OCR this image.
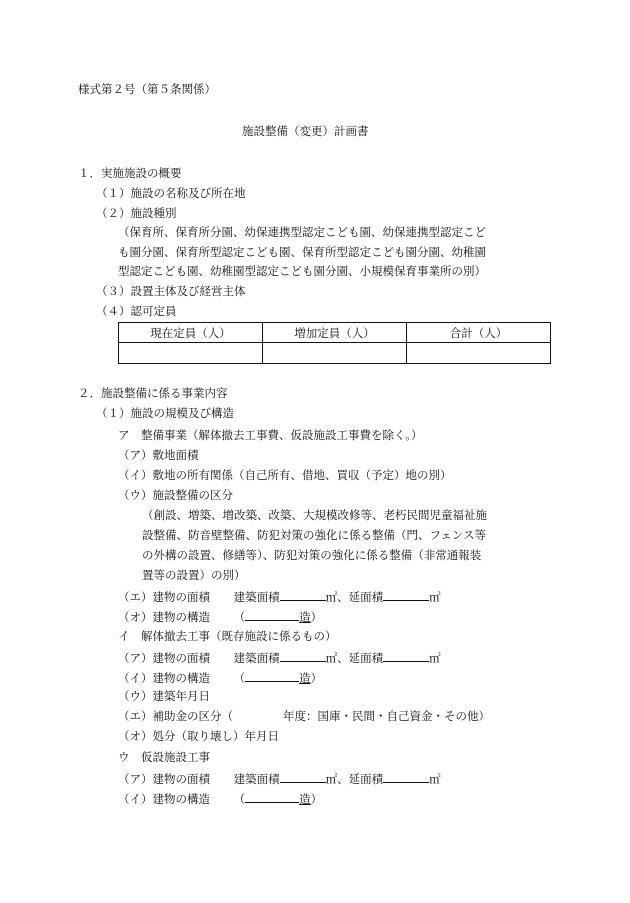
様式第２号（第５条関係）
施設整備（変更）計画書
１．実施施設の概要
（１）施設の名称及び所在地
（２）施設種別
（保育所、保育所分園、幼保連携型認定こども園、幼保連携型認定こど
も園分園、保育所型認定こども園、保育所型認定こども園分園、幼稚園
型認定こども園、幼稚園型認定こども園分園、小規模保育事業所の別）
（３）設置主体及び経営主体
（４）認可定員
現在定員（人）	増加定員（人）	合計（人）

２．施設整備に係る事業内容
（１）施設の規模及び構造
ア　整備事業（解体撤去工事費、仮設施設工事費を除く。）
（ア）敷地面積
（イ）敷地の所有関係（自己所有、借地、買収（予定）地の別）
（ウ）施設整備の区分
（創設、増築、増改築、改築、大規模改修等、老朽民間児童福祉施
設整備、防音壁整備、防犯対策の強化に係る整備（門、フェンス等
の外構の設置、修繕等）、防犯対策の強化に係る整備（非常通報装
置等の設置）の別）
（エ）建物の面積 建築面積	㎡、延面積	㎡
（オ）建物の構造 （	造）
イ　解体撤去工事（既存施設に係るもの）
（ア）建物の面積 建築面積	㎡、延面積	㎡
（イ）建物の構造 （	造）
（ウ）建築年月日
（エ）補助金の区分（	年度：国庫・民間・自己資金・その他）
（オ）処分（取り壊し）年月日
ウ　仮設施設工事
（ア）建物の面積 建築面積	㎡、延面積	㎡
（イ）建物の構造 （	造）
